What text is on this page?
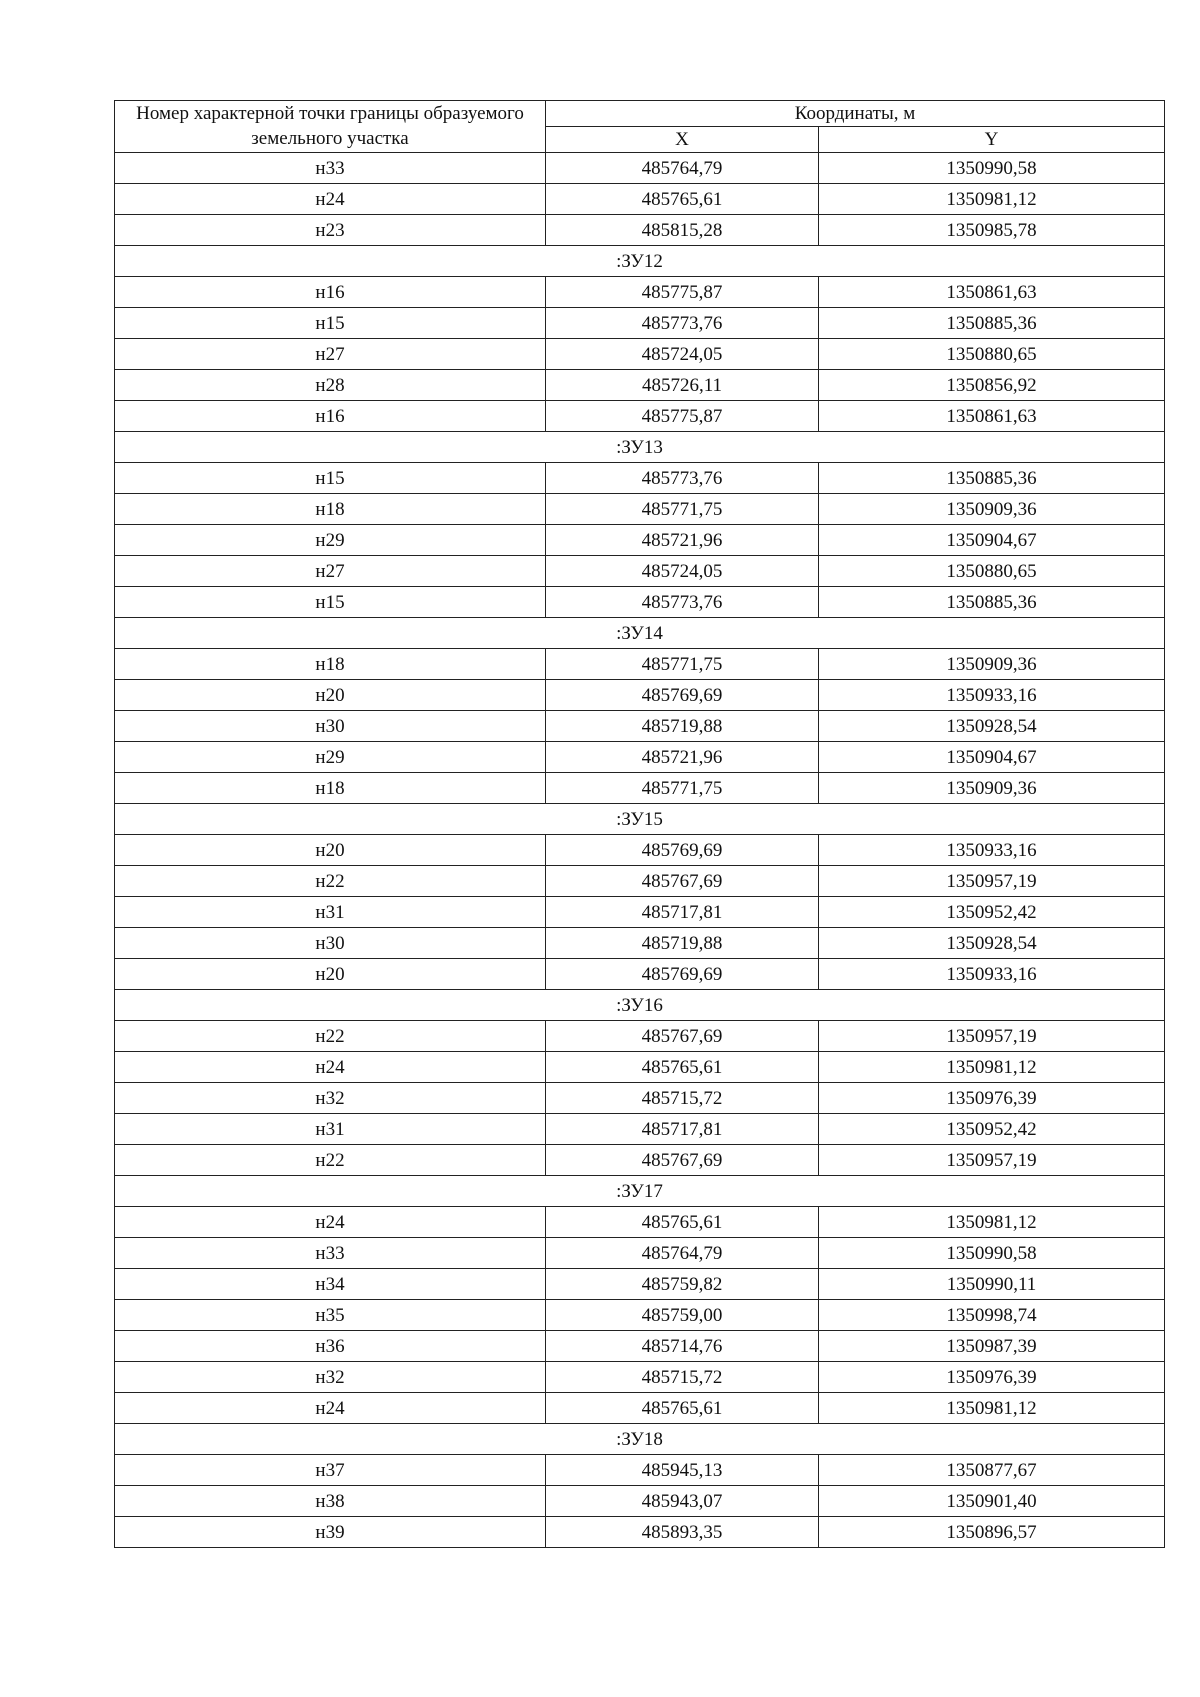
Номер характерной точки границы образуемого земельного участка	Координаты, м	
	X	Y
н33	485764,79	1350990,58
н24	485765,61	1350981,12
н23	485815,28	1350985,78
:ЗУ12		
н16	485775,87	1350861,63
н15	485773,76	1350885,36
н27	485724,05	1350880,65
н28	485726,11	1350856,92
н16	485775,87	1350861,63
:ЗУ13		
н15	485773,76	1350885,36
н18	485771,75	1350909,36
н29	485721,96	1350904,67
н27	485724,05	1350880,65
н15	485773,76	1350885,36
:ЗУ14		
н18	485771,75	1350909,36
н20	485769,69	1350933,16
н30	485719,88	1350928,54
н29	485721,96	1350904,67
н18	485771,75	1350909,36
:ЗУ15		
н20	485769,69	1350933,16
н22	485767,69	1350957,19
н31	485717,81	1350952,42
н30	485719,88	1350928,54
н20	485769,69	1350933,16
:ЗУ16		
н22	485767,69	1350957,19
н24	485765,61	1350981,12
н32	485715,72	1350976,39
н31	485717,81	1350952,42
н22	485767,69	1350957,19
:ЗУ17		
н24	485765,61	1350981,12
н33	485764,79	1350990,58
н34	485759,82	1350990,11
н35	485759,00	1350998,74
н36	485714,76	1350987,39
н32	485715,72	1350976,39
н24	485765,61	1350981,12
:ЗУ18		
н37	485945,13	1350877,67
н38	485943,07	1350901,40
н39	485893,35	1350896,57
